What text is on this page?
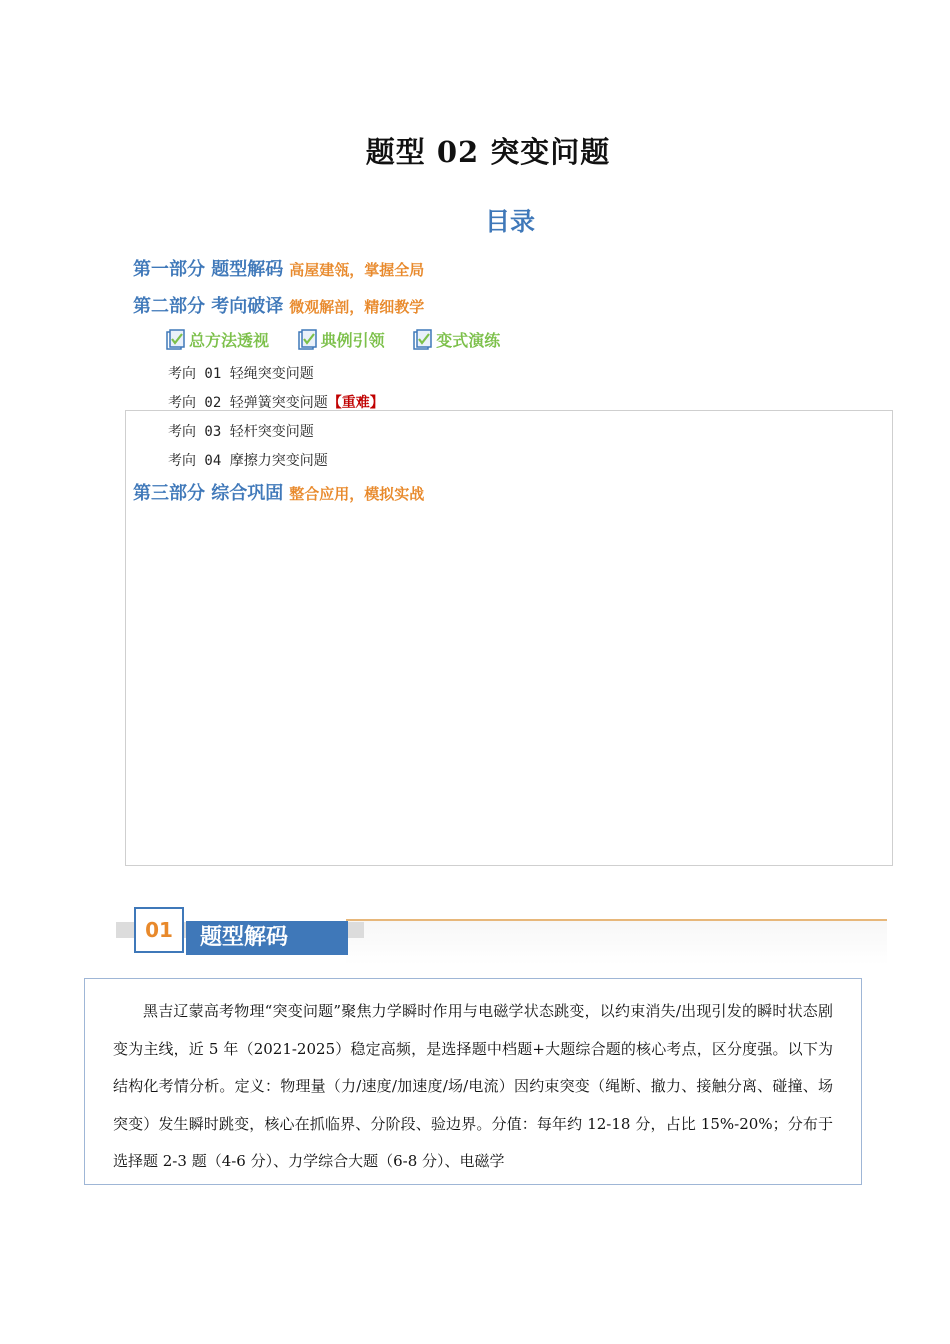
题型 02 突变问题
目录
第一部分 题型解码 高屋建瓴，掌握全局
第二部分 考向破译 微观解剖，精细教学
总方法透视
	典例引领
	变式演练
考向 01 轻绳突变问题
考向 02 轻弹簧突变问题【重难】
考向 03 轻杆突变问题
考向 04 摩擦力突变问题
第三部分 综合巩固 整合应用，模拟实战
题型解码
01

黑吉辽蒙高考物理“突变问题”聚焦力学瞬时作用与电磁学状态跳变，以约束消失/出现引发的瞬时状态剧变为主线，近 5 年（2021-2025）稳定高频，是选择题中档题+大题综合题的核心考点，区分度强。以下为结构化考情分析。定义：物理量（力/速度/加速度/场/电流）因约束突变（绳断、撤力、接触分离、碰撞、场突变）发生瞬时跳变，核心在抓临界、分阶段、验边界。分值：每年约 12-18 分，占比 15%-20%；分布于选择题 2-3 题（4-6 分）、力学综合大题（6-8 分）、电磁学
